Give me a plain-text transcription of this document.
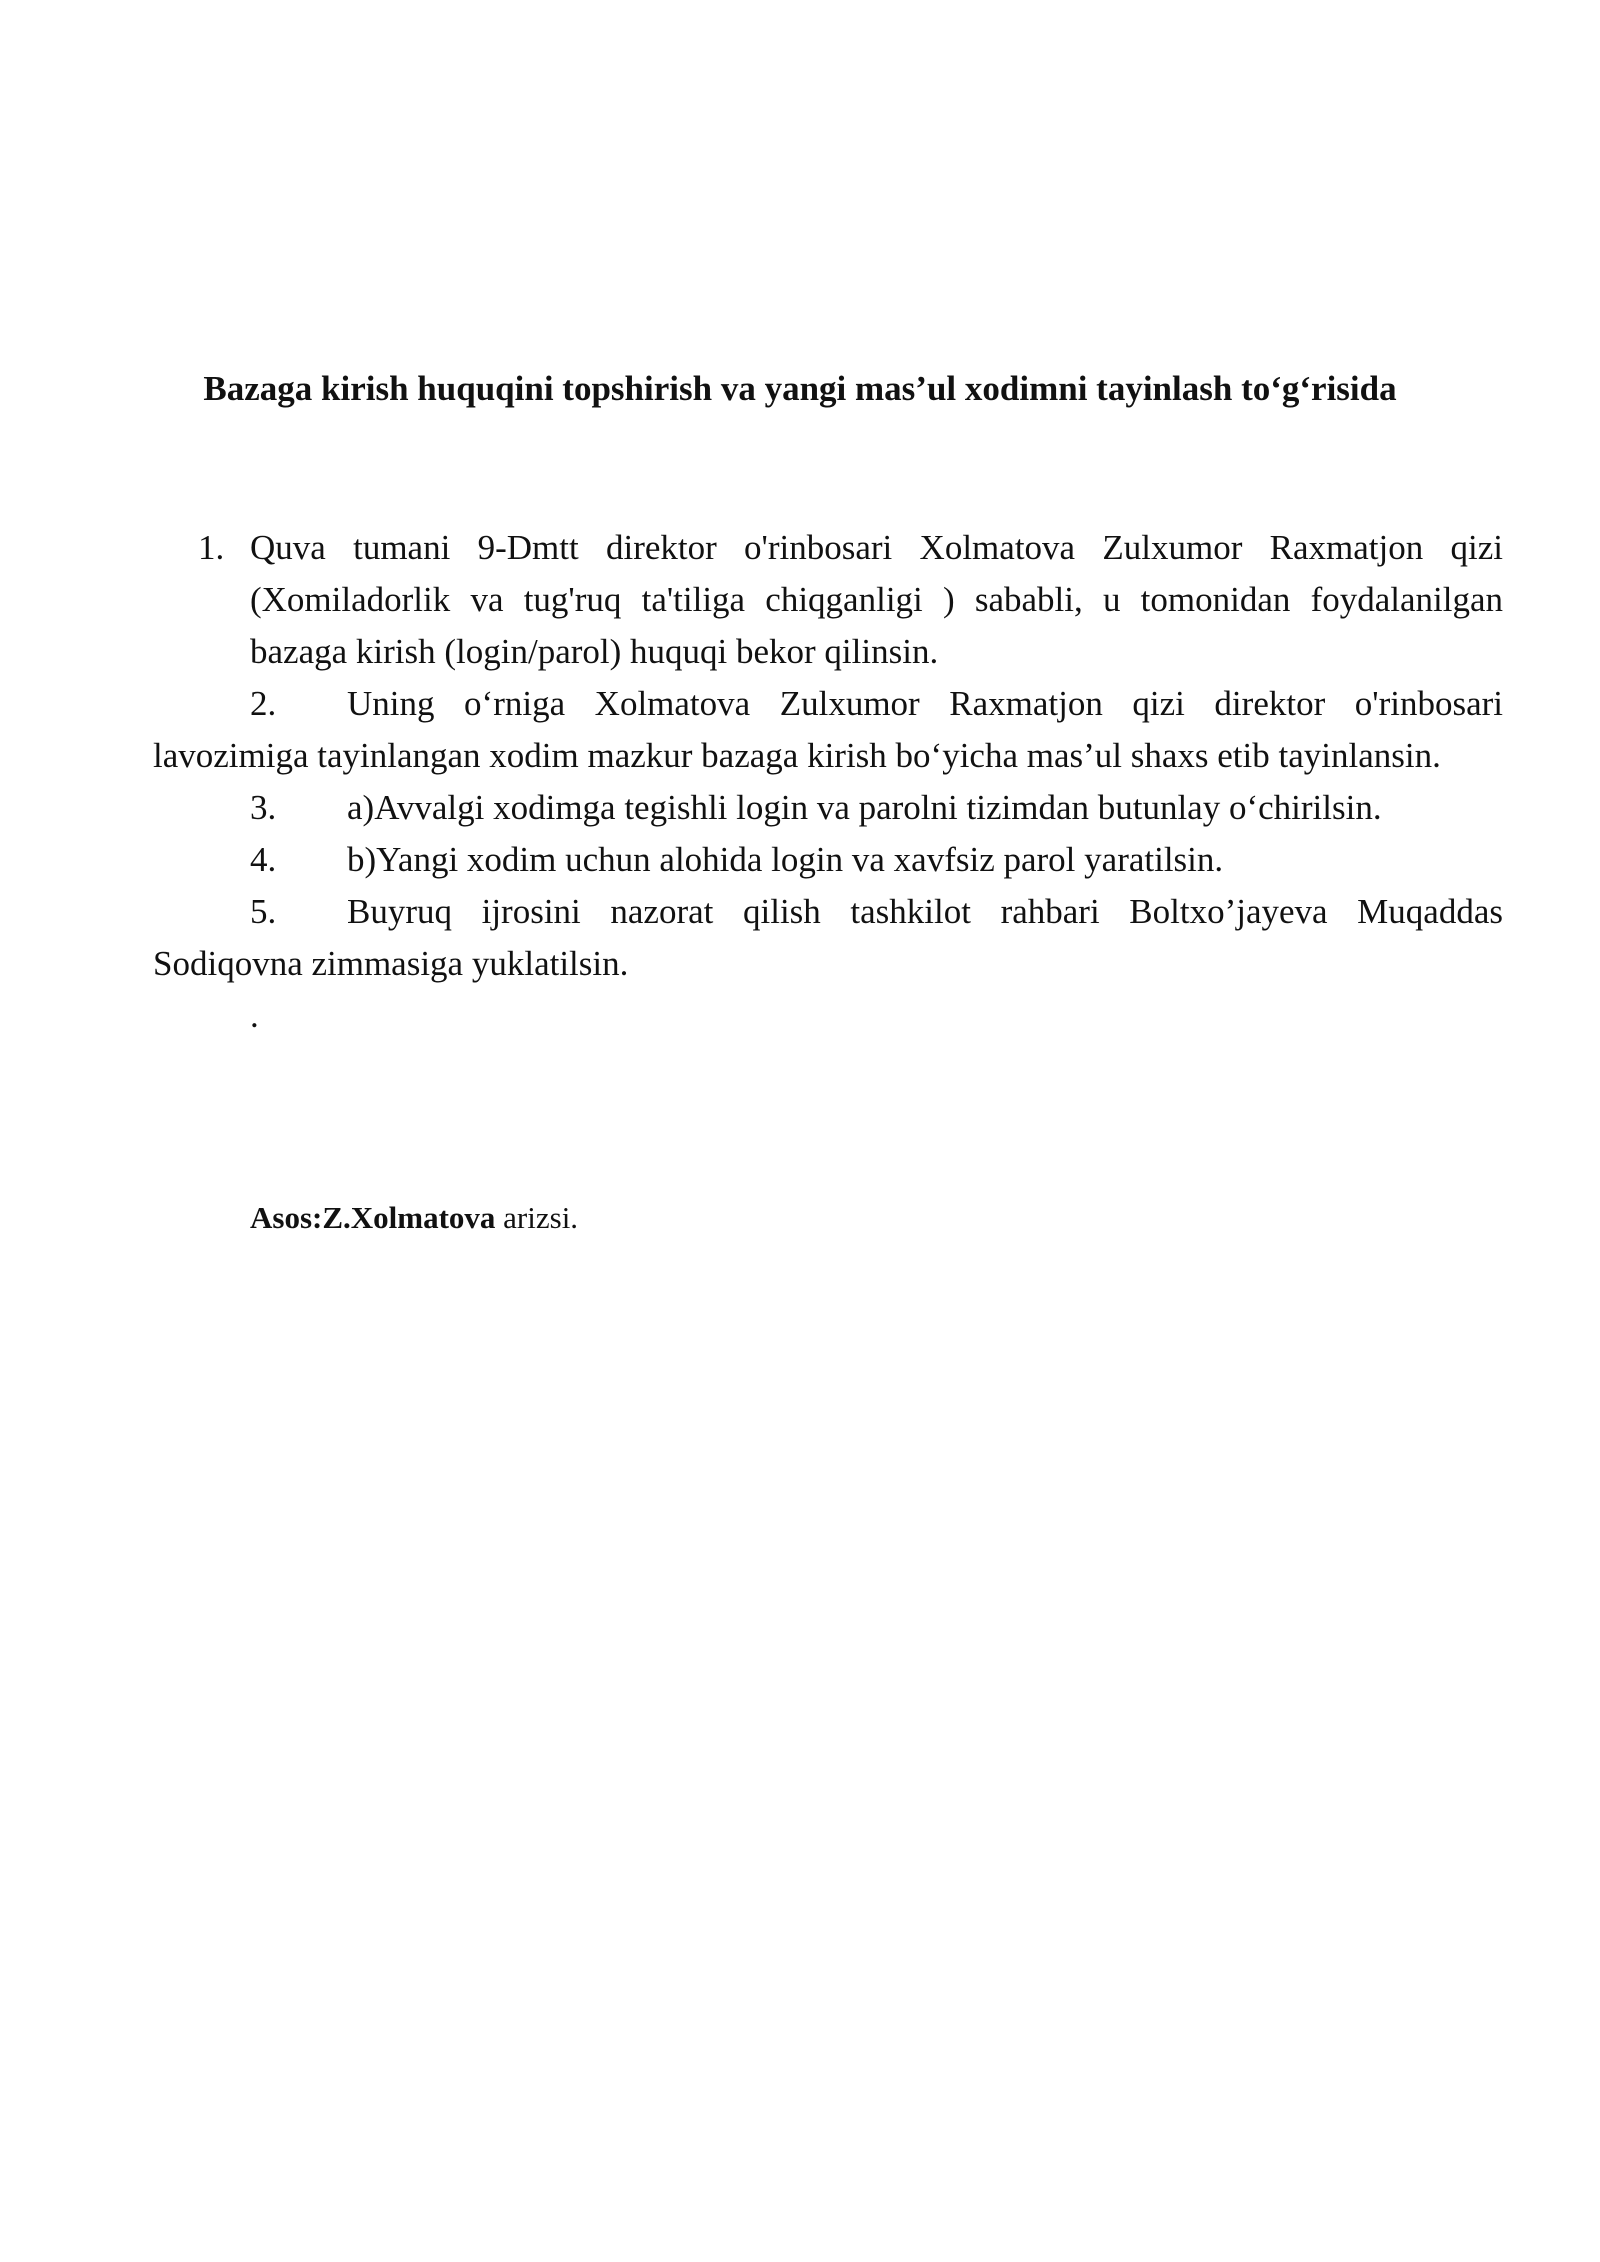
Bazaga kirish huquqini topshirish va yangi mas’ul xodimni tayinlash to‘g‘risida
1. Quva tumani 9-Dmtt direktor o'rinbosari Xolmatova Zulxumor Raxmatjon qizi (Xomiladorlik va tug'ruq ta'tiliga chiqganligi ) sababli, u tomonidan foydalanilgan bazaga kirish (login/parol) huquqi bekor qilinsin.
2. Uning o‘rniga Xolmatova Zulxumor Raxmatjon qizi direktor o'rinbosari lavozimiga tayinlangan xodim mazkur bazaga kirish bo‘yicha mas’ul shaxs etib tayinlansin.
3. a)Avvalgi xodimga tegishli login va parolni tizimdan butunlay o‘chirilsin.
4. b)Yangi xodim uchun alohida login va xavfsiz parol yaratilsin.
5. Buyruq ijrosini nazorat qilish tashkilot rahbari Boltxo’jayeva Muqaddas Sodiqovna zimmasiga yuklatilsin.
.
Asos:Z.Xolmatova arizsi.
